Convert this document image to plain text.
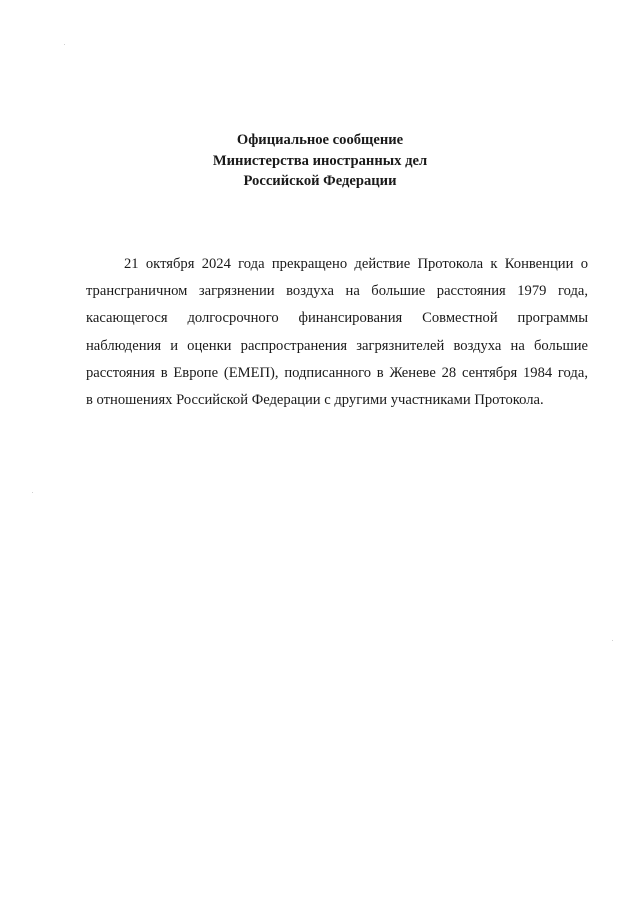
Официальное сообщение
Министерства иностранных дел
Российской Федерации

21 октября 2024 года прекращено действие Протокола к Конвенции о
трансграничном загрязнении воздуха на большие расстояния 1979 года,
касающегося долгосрочного финансирования Совместной программы
наблюдения и оценки распространения загрязнителей воздуха на большие
расстояния в Европе (ЕМЕП), подписанного в Женеве 28 сентября 1984 года,
в отношениях Российской Федерации с другими участниками Протокола.
